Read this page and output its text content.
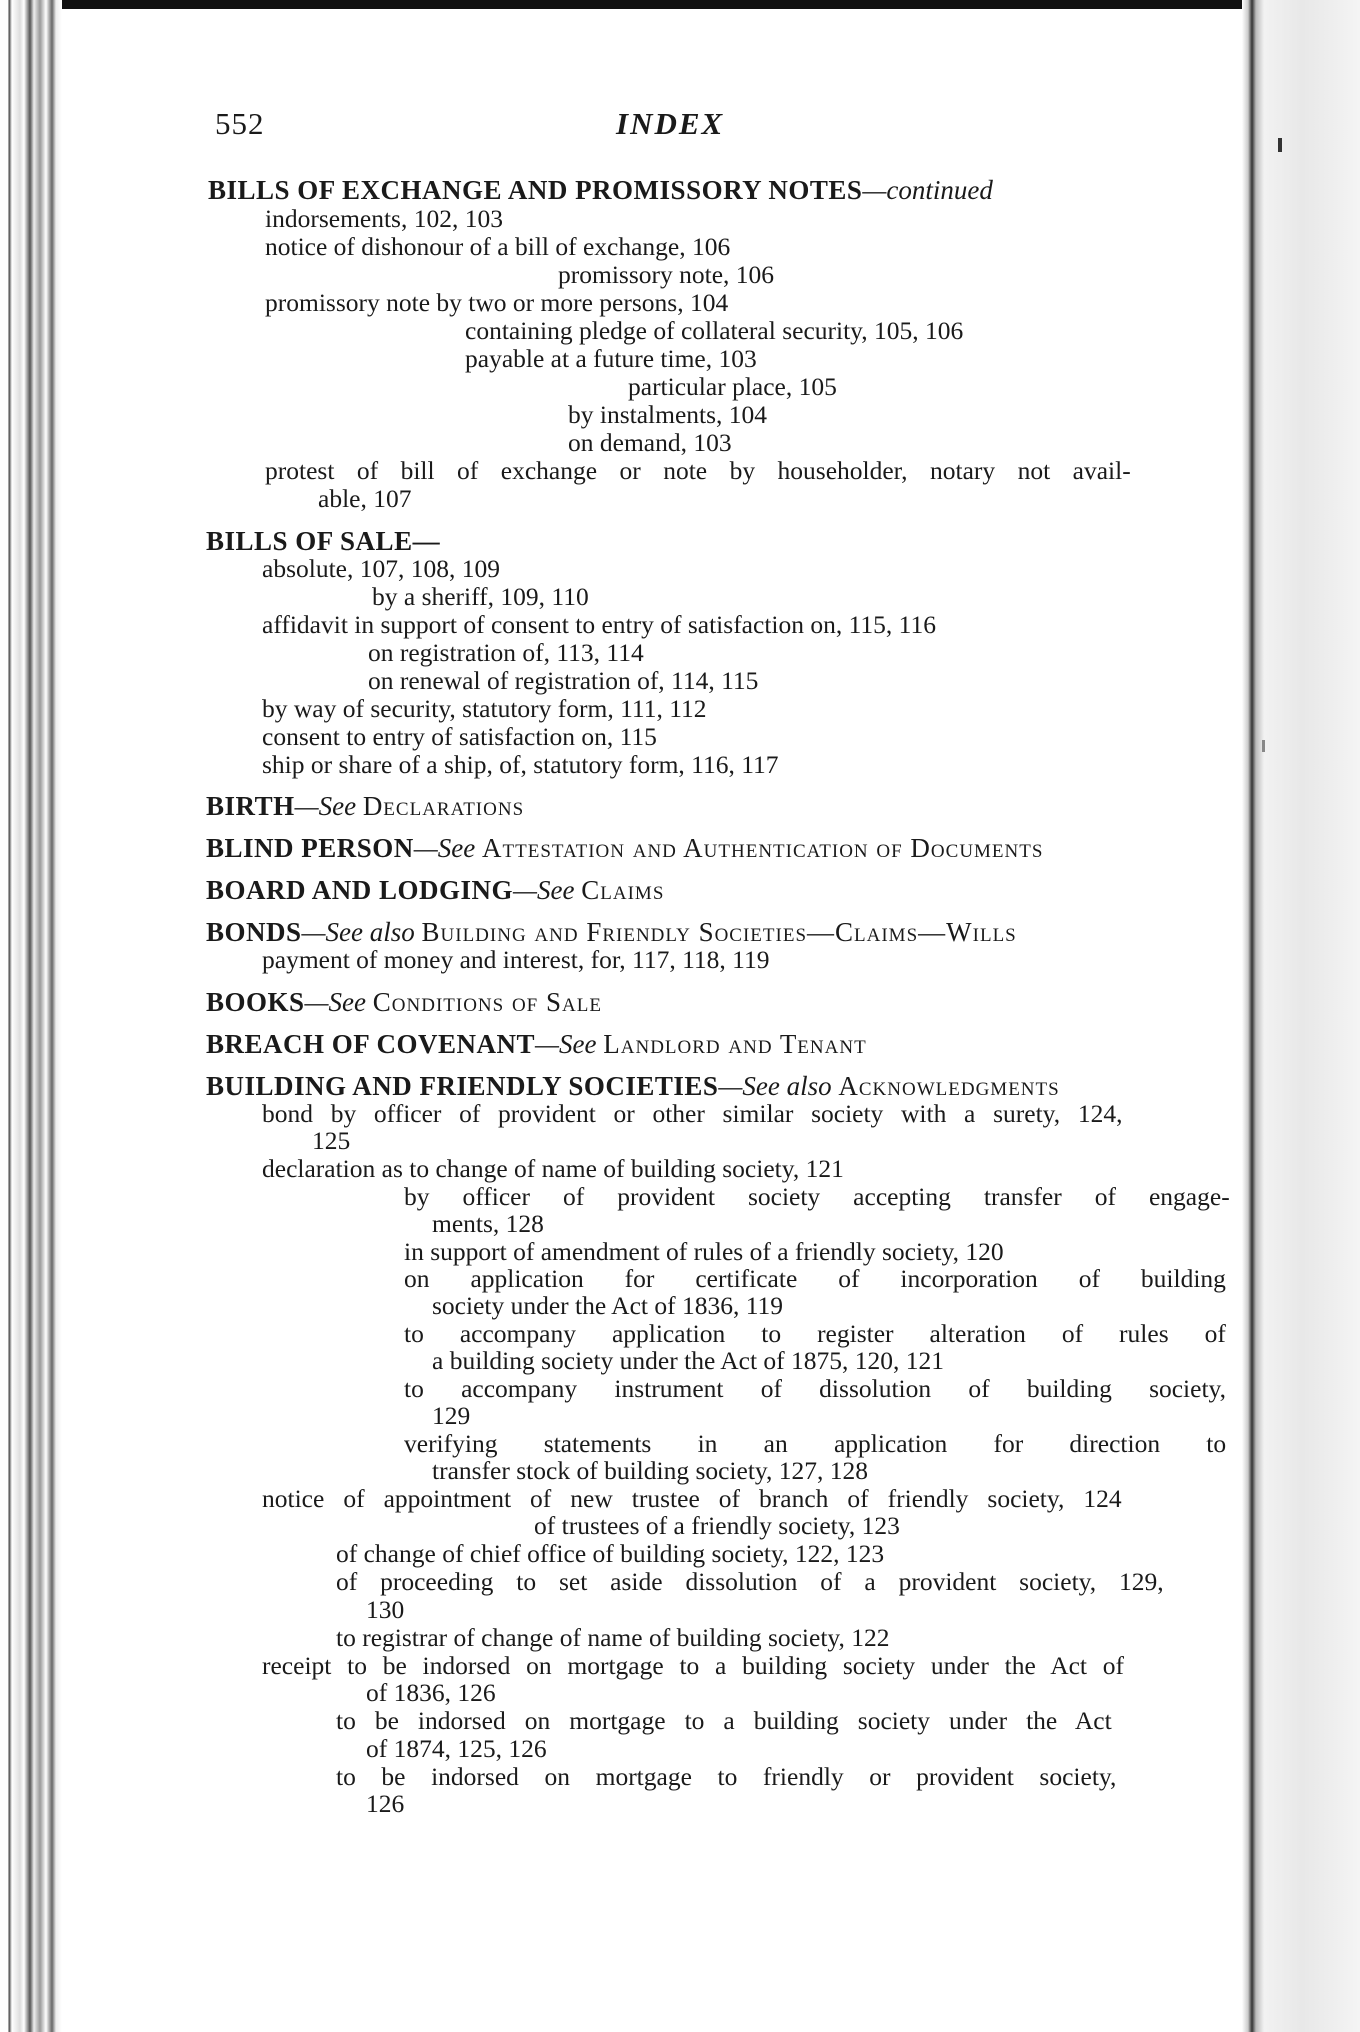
552	INDEX
BILLS OF EXCHANGE AND PROMISSORY NOTES—continued
indorsements, 102, 103
notice of dishonour of a bill of exchange, 106
promissory note, 106
promissory note by two or more persons, 104
containing pledge of collateral security, 105, 106
payable at a future time, 103
particular place, 105
by instalments, 104
on demand, 103
protest of bill of exchange or note by householder, notary not avail-
able, 107
BILLS OF SALE—
absolute, 107, 108, 109
by a sheriff, 109, 110
affidavit in support of consent to entry of satisfaction on, 115, 116
on registration of, 113, 114
on renewal of registration of, 114, 115
by way of security, statutory form, 111, 112
consent to entry of satisfaction on, 115
ship or share of a ship, of, statutory form, 116, 117
BIRTH—See Declarations
BLIND PERSON—See Attestation and Authentication of Documents
BOARD AND LODGING—See Claims
BONDS—See also Building and Friendly Societies—Claims—Wills
payment of money and interest, for, 117, 118, 119
BOOKS—See Conditions of Sale
BREACH OF COVENANT—See Landlord and Tenant
BUILDING AND FRIENDLY SOCIETIES—See also Acknowledgments
bond by officer of provident or other similar society with a surety, 124,
125
declaration as to change of name of building society, 121
by officer of provident society accepting transfer of engage-
ments, 128
in support of amendment of rules of a friendly society, 120
on application for certificate of incorporation of building
society under the Act of 1836, 119
to accompany application to register alteration of rules of
a building society under the Act of 1875, 120, 121
to accompany instrument of dissolution of building society,
129
verifying statements in an application for direction to
transfer stock of building society, 127, 128
notice of appointment of new trustee of branch of friendly society, 124
of trustees of a friendly society, 123
of change of chief office of building society, 122, 123
of proceeding to set aside dissolution of a provident society, 129,
130
to registrar of change of name of building society, 122
receipt to be indorsed on mortgage to a building society under the Act of
of 1836, 126
to be indorsed on mortgage to a building society under the Act
of 1874, 125, 126
to be indorsed on mortgage to friendly or provident society,
126
